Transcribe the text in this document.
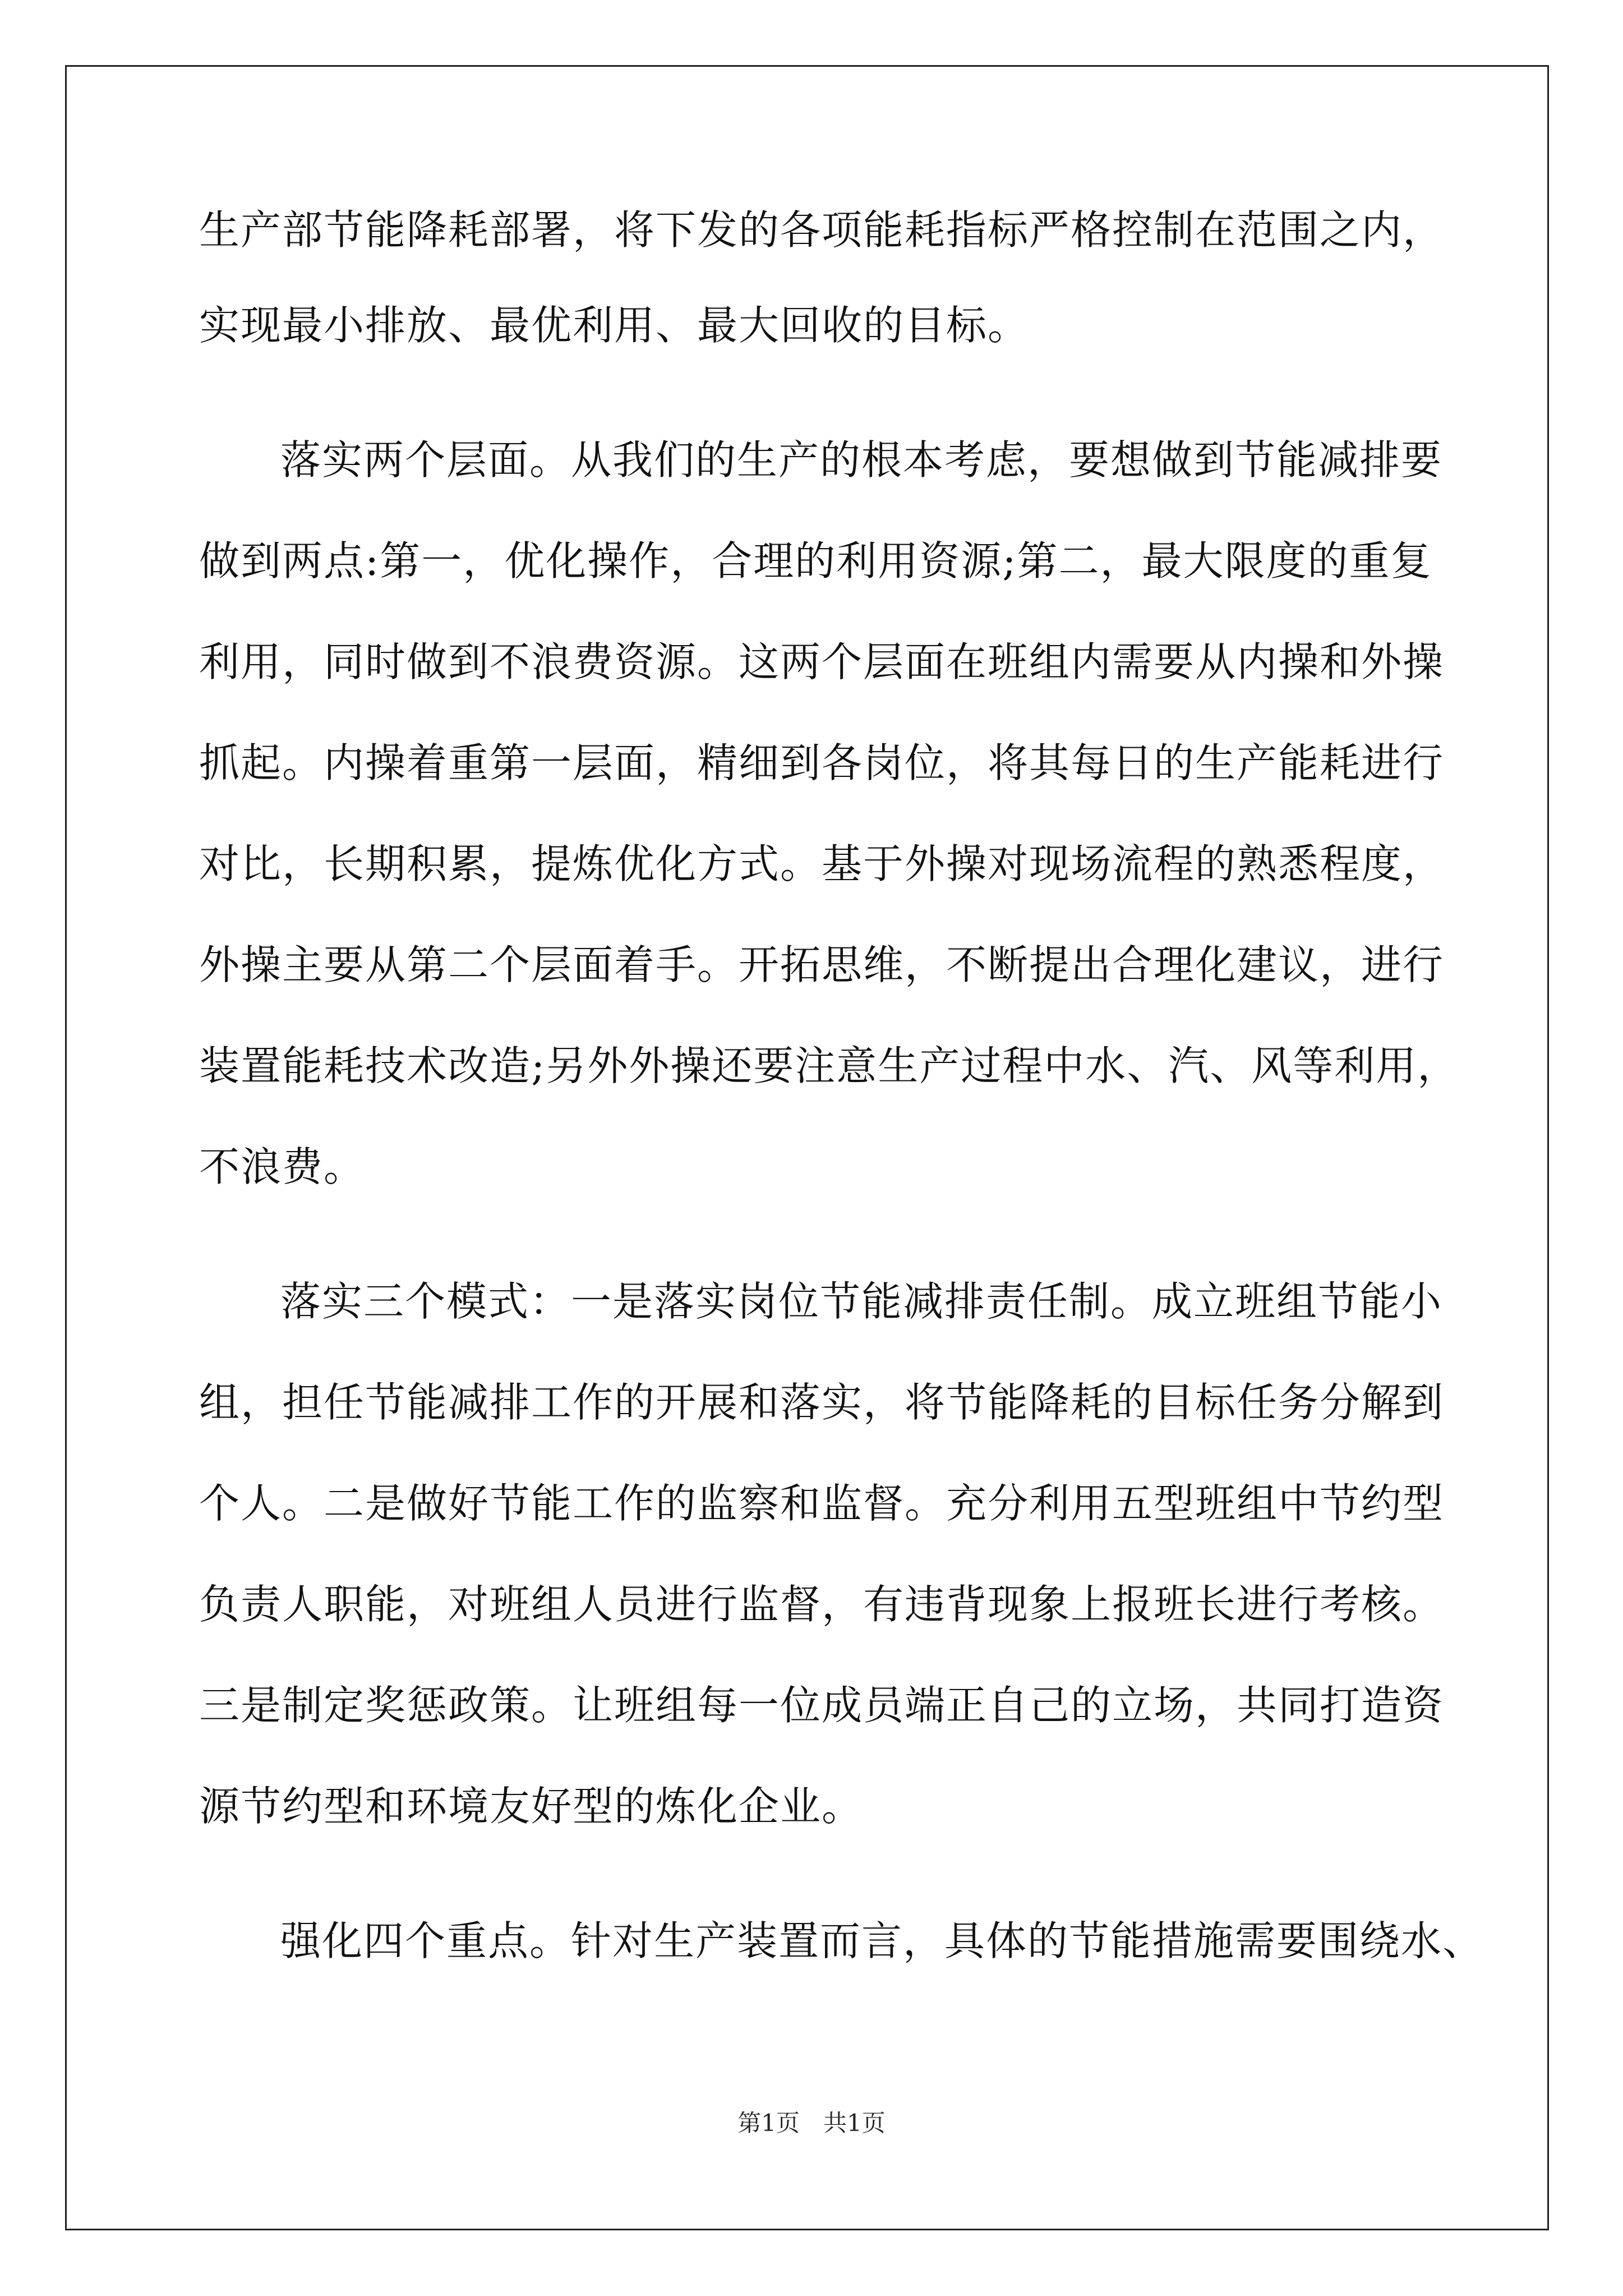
生产部节能降耗部署，将下发的各项能耗指标严格控制在范围之内，
实现最小排放、最优利用、最大回收的目标。
落实两个层面。从我们的生产的根本考虑，要想做到节能减排要
做到两点:第一，优化操作，合理的利用资源;第二，最大限度的重复
利用，同时做到不浪费资源。这两个层面在班组内需要从内操和外操
抓起。内操着重第一层面，精细到各岗位，将其每日的生产能耗进行
对比，长期积累，提炼优化方式。基于外操对现场流程的熟悉程度，
外操主要从第二个层面着手。开拓思维，不断提出合理化建议，进行
装置能耗技术改造;另外外操还要注意生产过程中水、汽、风等利用，
不浪费。
落实三个模式：一是落实岗位节能减排责任制。成立班组节能小
组，担任节能减排工作的开展和落实，将节能降耗的目标任务分解到
个人。二是做好节能工作的监察和监督。充分利用五型班组中节约型
负责人职能，对班组人员进行监督，有违背现象上报班长进行考核。
三是制定奖惩政策。让班组每一位成员端正自己的立场，共同打造资
源节约型和环境友好型的炼化企业。
强化四个重点。针对生产装置而言，具体的节能措施需要围绕水、
第1页　共1页
